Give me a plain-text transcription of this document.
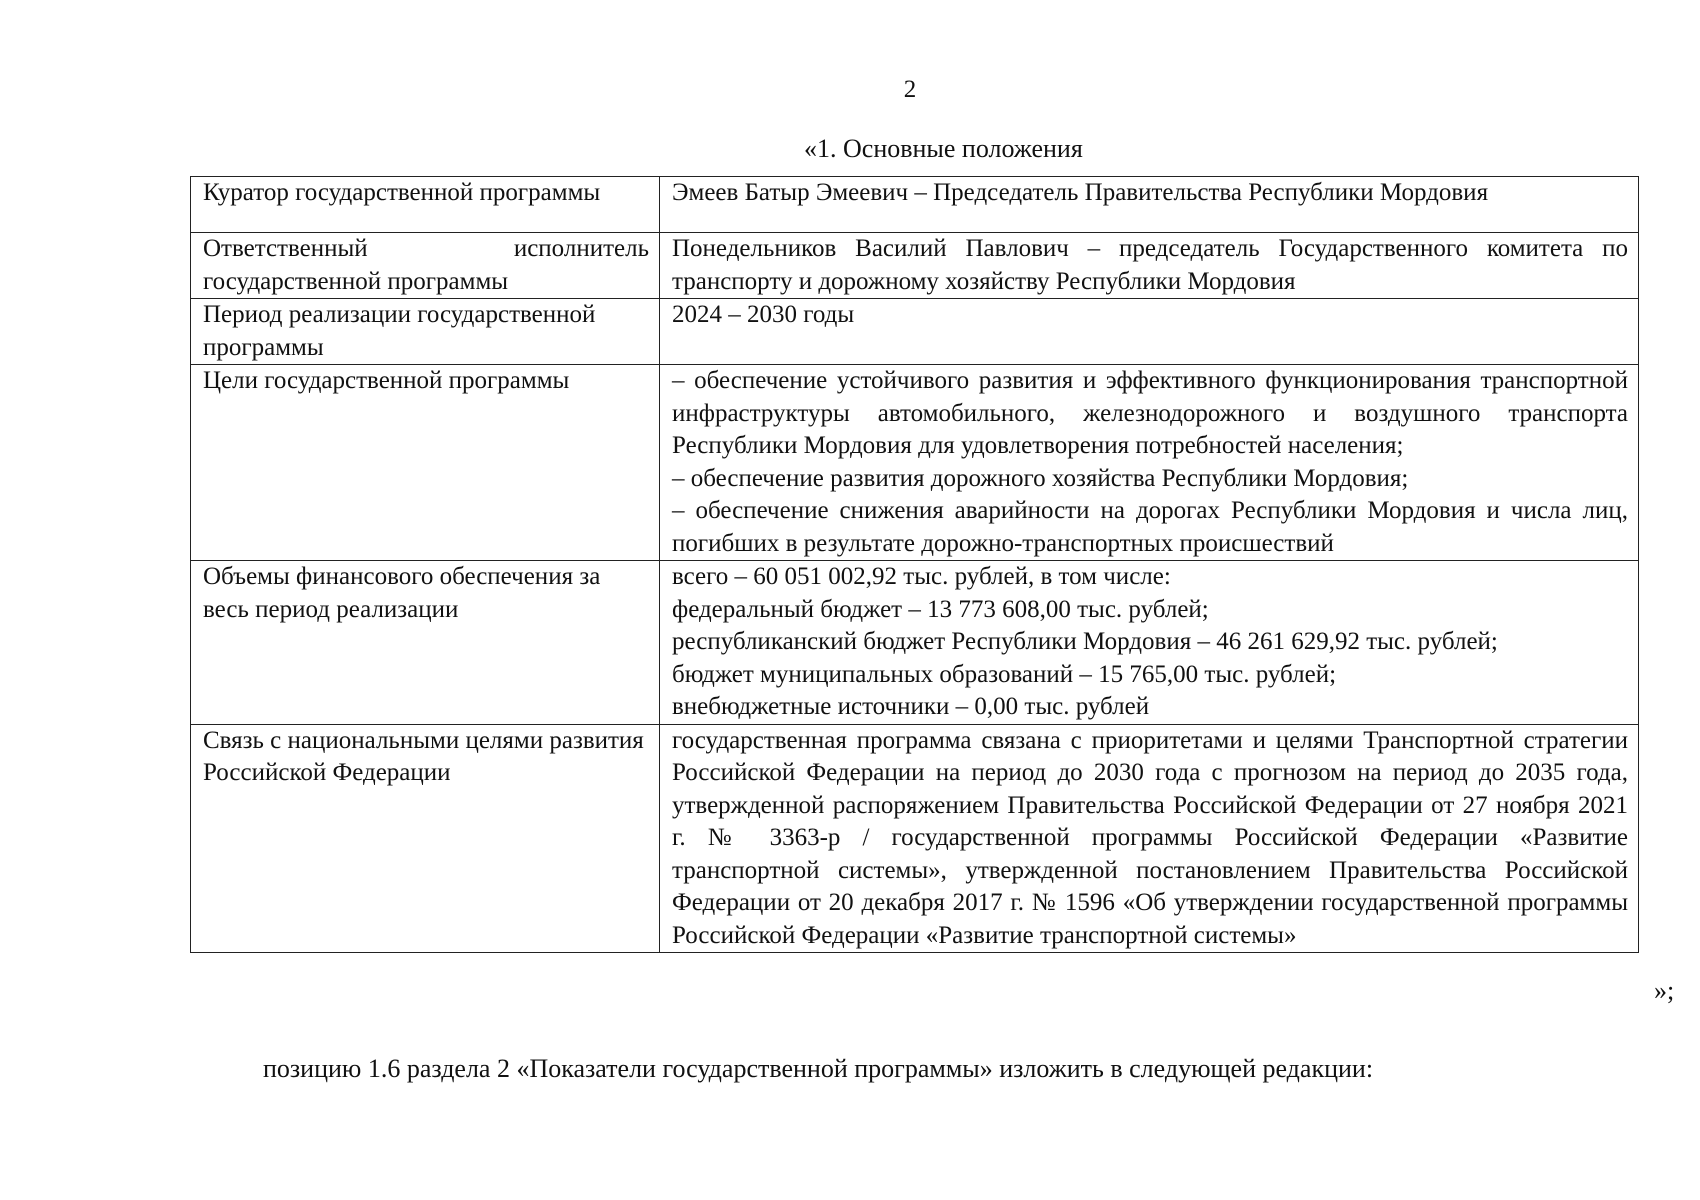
2
«1. Основные положения
Куратор государственной программы	Эмеев Батыр Эмеевич – Председатель Правительства Республики Мордовия
Ответственный исполнитель государственной программы	Понедельников Василий Павлович – председатель Государственного комитета по транспорту и дорожному хозяйству Республики Мордовия
Период реализации государственной программы	2024 – 2030 годы
Цели государственной программы	– обеспечение устойчивого развития и эффективного функционирования транспортной инфраструктуры автомобильного, железнодорожного и воздушного транспорта Республики Мордовия для удовлетворения потребностей населения;
– обеспечение развития дорожного хозяйства Республики Мордовия;
– обеспечение снижения аварийности на дорогах Республики Мордовия и числа лиц, погибших в результате дорожно-транспортных происшествий

Объемы финансового обеспечения за весь период реализации	всего – 60 051 002,92 тыс. рублей, в том числе:
федеральный бюджет – 13 773 608,00 тыс. рублей;
республиканский бюджет Республики Мордовия – 46 261 629,92 тыс. рублей;
бюджет муниципальных образований – 15 765,00 тыс. рублей;
внебюджетные источники – 0,00 тыс. рублей

Связь с национальными целями развития Российской Федерации	государственная программа связана с приоритетами и целями Транспортной стратегии Российской Федерации на период до 2030 года с прогнозом на период до 2035 года, утвержденной распоряжением Правительства Российской Федерации от 27 ноября 2021 г. № 3363-р / государственной программы Российской Федерации «Развитие транспортной системы», утвержденной постановлением Правительства Российской Федерации от 20 декабря 2017 г. № 1596 «Об утверждении государственной программы Российской Федерации «Развитие транспортной системы»
»;
позицию 1.6 раздела 2 «Показатели государственной программы» изложить в следующей редакции:
